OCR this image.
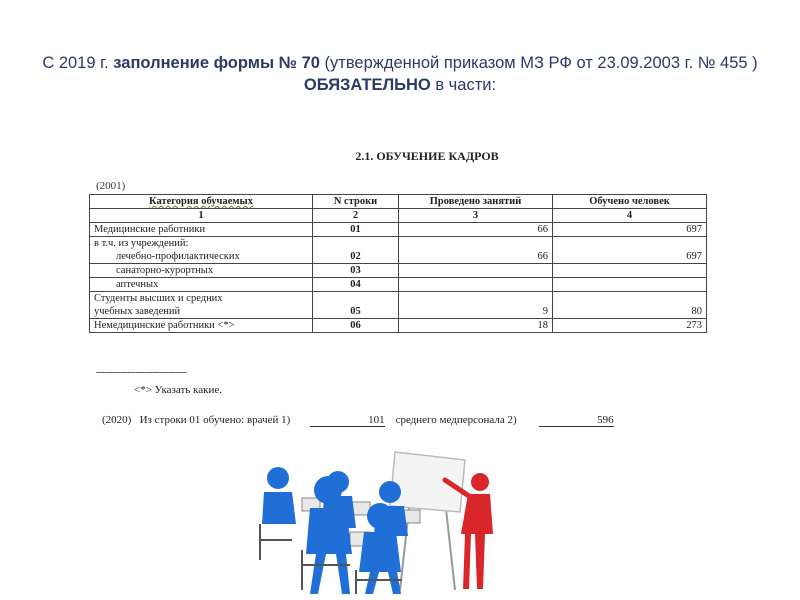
С 2019 г. заполнение формы № 70 (утвержденной приказом МЗ РФ от 23.09.2003 г. № 455 ) ОБЯЗАТЕЛЬНО в части:
2.1. ОБУЧЕНИЕ КАДРОВ
(2001)
Категория обучаемых	N строки	Проведено занятий	Обучено человек
1	2	3	4
Медицинские работники	01	66	697
в т.ч. из учреждений:			
лечебно-профилактических	02	66	697
санаторно-курортных	03		
аптечных	04		
Студенты высших и средних			
учебных заведений	05	9	80
Немедицинские работники <*>	06	18	273
--------------------------------
<*> Указать какие.
(2020) Из строки 01 обучено: врачей 1)	101 среднего медперсонала 2)	596
